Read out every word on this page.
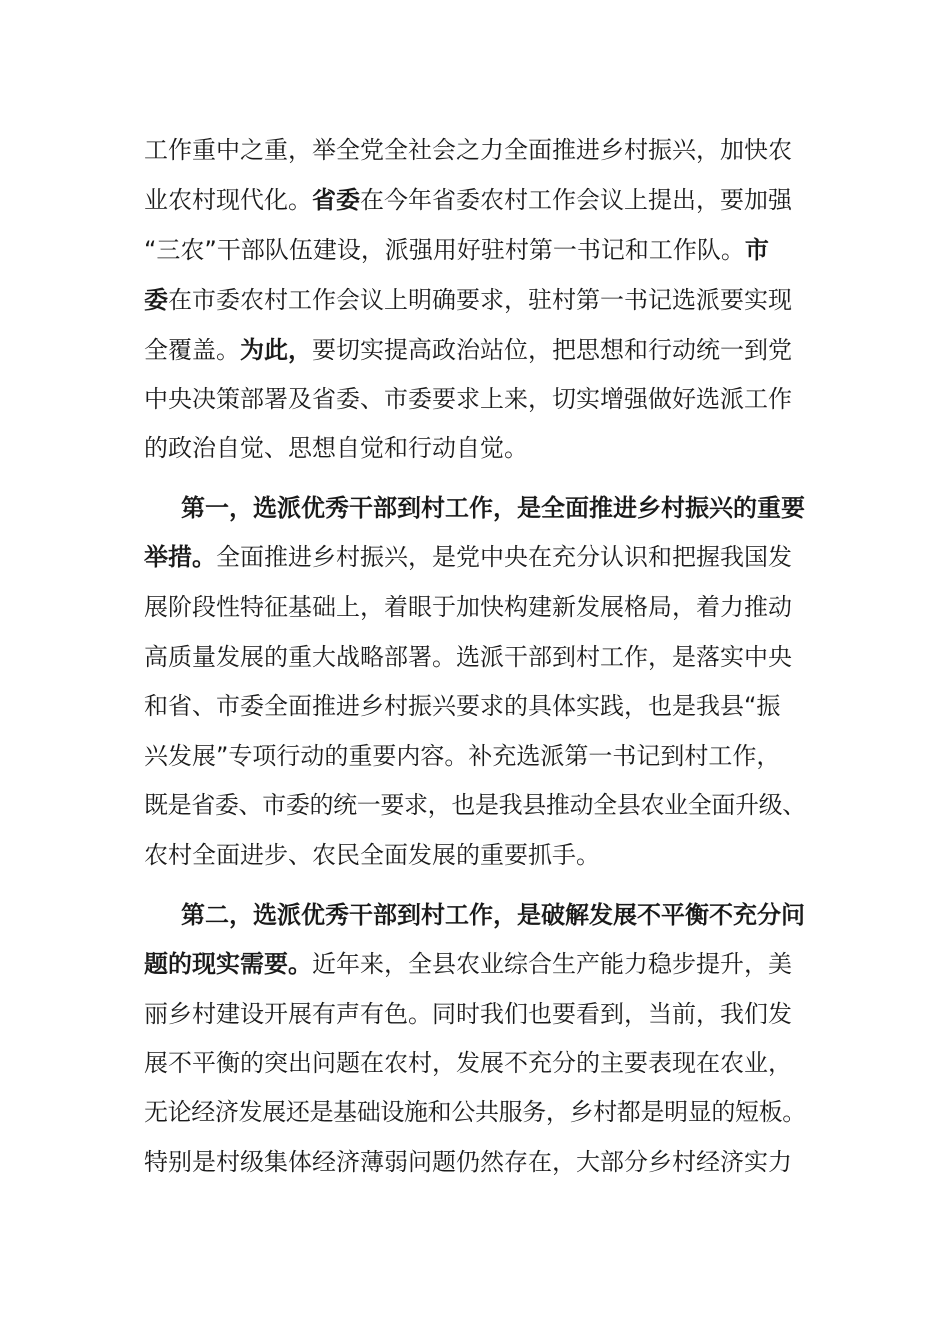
工作重中之重，举全党全社会之力全面推进乡村振兴，加快农
业农村现代化。省委在今年省委农村工作会议上提出，要加强
“三农”干部队伍建设，派强用好驻村第一书记和工作队。市
委在市委农村工作会议上明确要求，驻村第一书记选派要实现
全覆盖。为此，要切实提高政治站位，把思想和行动统一到党
中央决策部署及省委、市委要求上来，切实增强做好选派工作
的政治自觉、思想自觉和行动自觉。
第一，选派优秀干部到村工作，是全面推进乡村振兴的重要
举措。全面推进乡村振兴，是党中央在充分认识和把握我国发
展阶段性特征基础上，着眼于加快构建新发展格局，着力推动
高质量发展的重大战略部署。选派干部到村工作，是落实中央
和省、市委全面推进乡村振兴要求的具体实践，也是我县“振
兴发展”专项行动的重要内容。补充选派第一书记到村工作，
既是省委、市委的统一要求，也是我县推动全县农业全面升级、
农村全面进步、农民全面发展的重要抓手。
第二，选派优秀干部到村工作，是破解发展不平衡不充分问
题的现实需要。近年来，全县农业综合生产能力稳步提升，美
丽乡村建设开展有声有色。同时我们也要看到，当前，我们发
展不平衡的突出问题在农村，发展不充分的主要表现在农业，
无论经济发展还是基础设施和公共服务，乡村都是明显的短板。
特别是村级集体经济薄弱问题仍然存在，大部分乡村经济实力
